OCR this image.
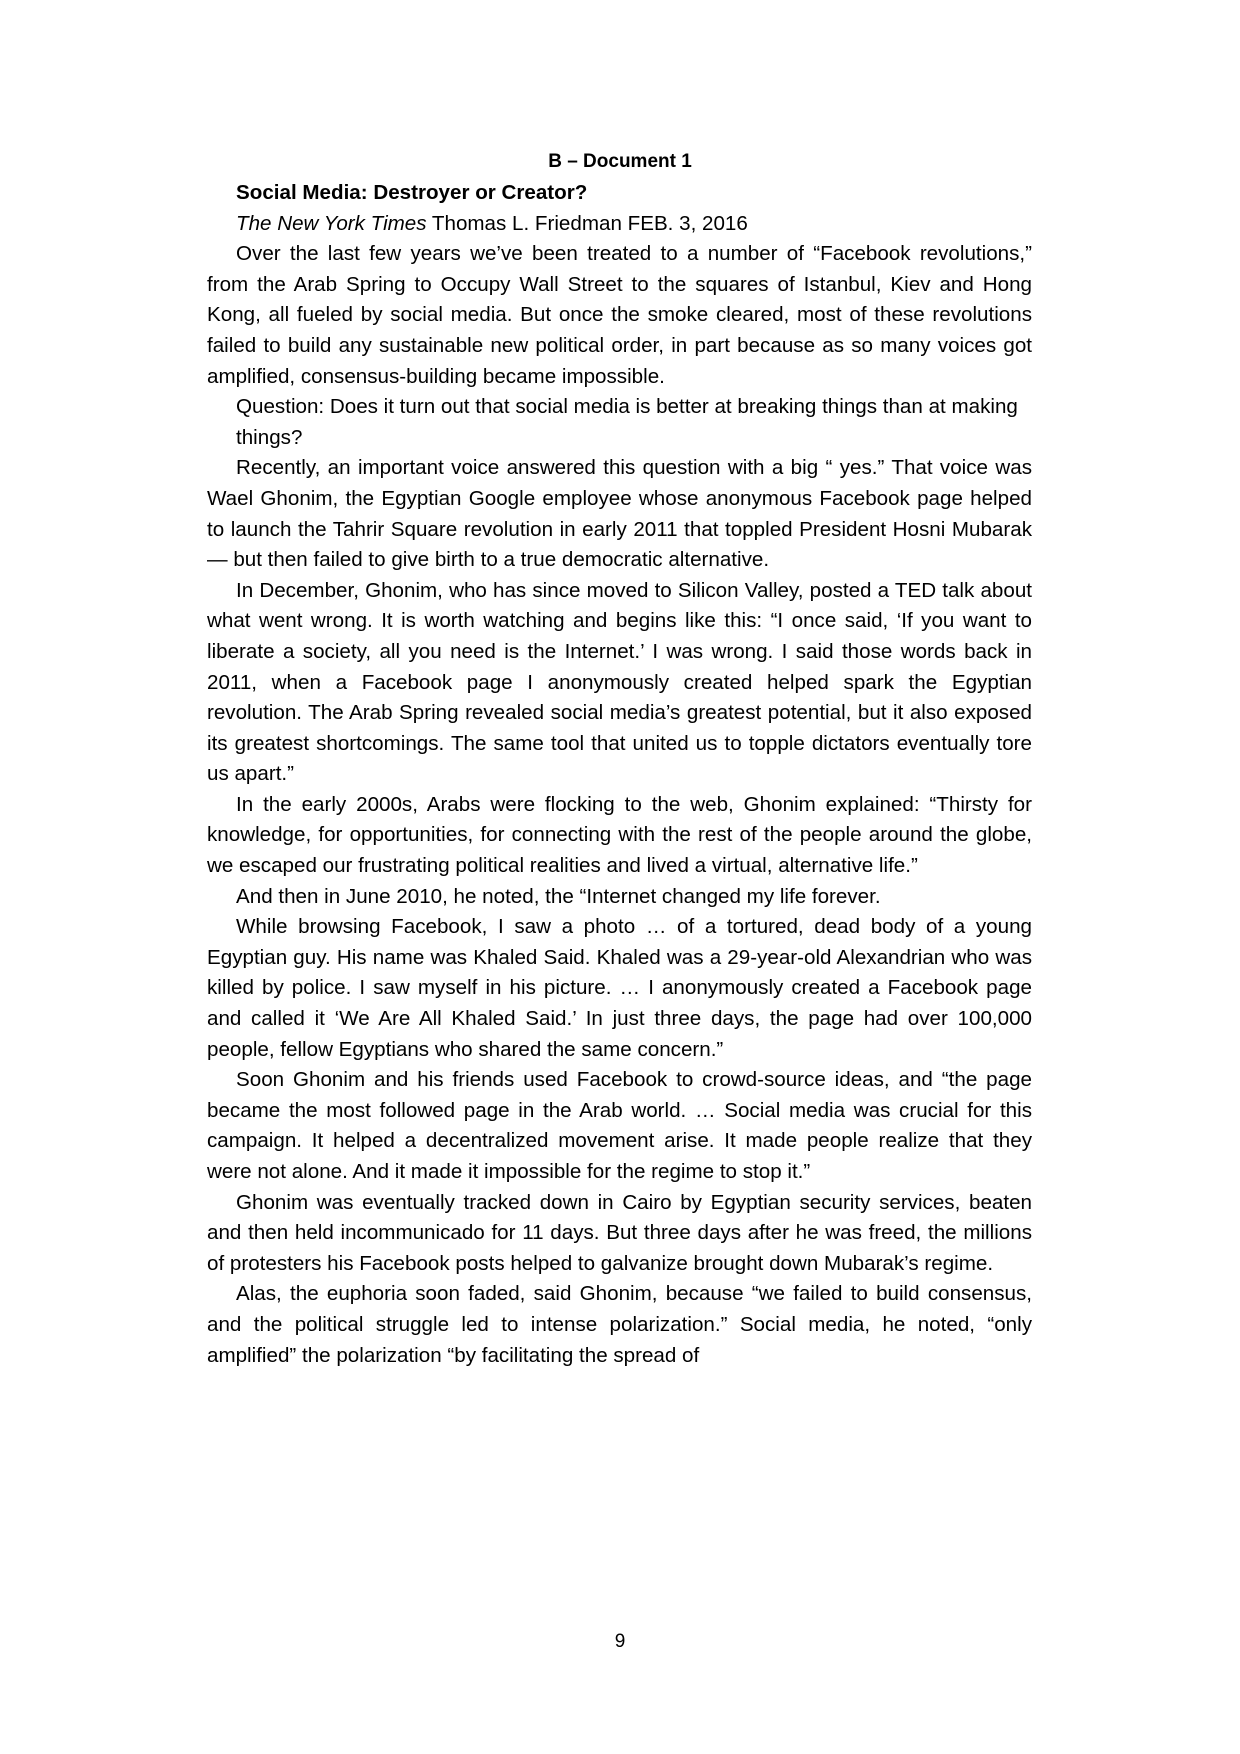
B – Document 1

Social Media: Destroyer or Creator?

The New York Times Thomas L. Friedman FEB. 3, 2016

Over the last few years we’ve been treated to a number of “Facebook revolutions,” from the Arab Spring to Occupy Wall Street to the squares of Istanbul, Kiev and Hong Kong, all fueled by social media. But once the smoke cleared, most of these revolutions failed to build any sustainable new political order, in part because as so many voices got amplified, consensus-building became impossible.

Question: Does it turn out that social media is better at breaking things than at making things?

Recently, an important voice answered this question with a big “ yes.” That voice was Wael Ghonim, the Egyptian Google employee whose anonymous Facebook page helped to launch the Tahrir Square revolution in early 2011 that toppled President Hosni Mubarak — but then failed to give birth to a true democratic alternative.

In December, Ghonim, who has since moved to Silicon Valley, posted a TED talk about what went wrong. It is worth watching and begins like this: “I once said, ‘If you want to liberate a society, all you need is the Internet.’ I was wrong. I said those words back in 2011, when a Facebook page I anonymously created helped spark the Egyptian revolution. The Arab Spring revealed social media’s greatest potential, but it also exposed its greatest shortcomings. The same tool that united us to topple dictators eventually tore us apart.”

In the early 2000s, Arabs were flocking to the web, Ghonim explained: “Thirsty for knowledge, for opportunities, for connecting with the rest of the people around the globe, we escaped our frustrating political realities and lived a virtual, alternative life.”

And then in June 2010, he noted, the “Internet changed my life forever.

While browsing Facebook, I saw a photo … of a tortured, dead body of a young Egyptian guy. His name was Khaled Said. Khaled was a 29-year-old Alexandrian who was killed by police. I saw myself in his picture. … I anonymously created a Facebook page and called it ‘We Are All Khaled Said.’ In just three days, the page had over 100,000 people, fellow Egyptians who shared the same concern.”

Soon Ghonim and his friends used Facebook to crowd-source ideas, and “the page became the most followed page in the Arab world. … Social media was crucial for this campaign. It helped a decentralized movement arise. It made people realize that they were not alone. And it made it impossible for the regime to stop it.”

Ghonim was eventually tracked down in Cairo by Egyptian security services, beaten and then held incommunicado for 11 days. But three days after he was freed, the millions of protesters his Facebook posts helped to galvanize brought down Mubarak’s regime.

Alas, the euphoria soon faded, said Ghonim, because “we failed to build consensus, and the political struggle led to intense polarization.” Social media, he noted, “only amplified” the polarization “by facilitating the spread of

9
